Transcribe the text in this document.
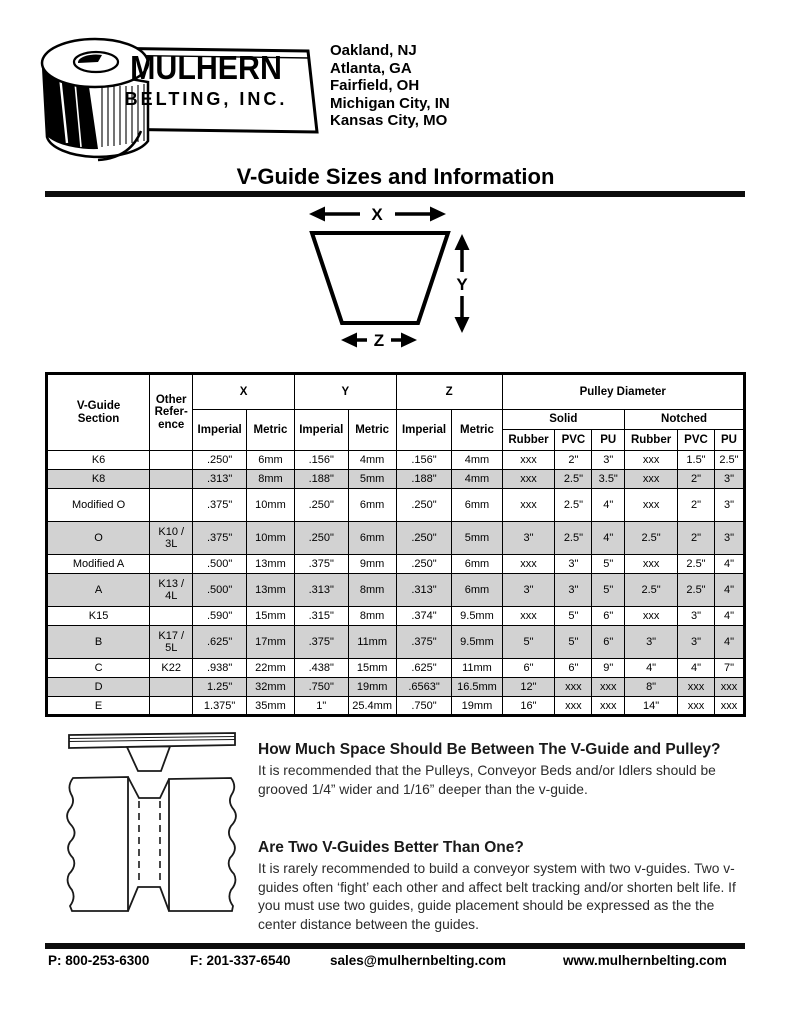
MULHERN
BELTING, INC.
Oakland, NJ
Atlanta, GA
Fairfield, OH
Michigan City, IN
Kansas City, MO
V-Guide Sizes and Information
X
Y
Z
V-Guide Section	Other Refer-ence	X		Y		Z		Pulley Diameter					
		Imperial	Metric	Imperial	Metric	Imperial	Metric	Solid			Notched		
								Rubber	PVC	PU	Rubber	PVC	PU
K6		.250"	6mm	.156"	4mm	.156"	4mm	xxx	2"	3"	xxx	1.5"	2.5"
K8		.313"	8mm	.188"	5mm	.188"	4mm	xxx	2.5"	3.5"	xxx	2"	3"
Modified O		.375"	10mm	.250"	6mm	.250"	6mm	xxx	2.5"	4"	xxx	2"	3"
O	K10 / 3L	.375"	10mm	.250"	6mm	.250"	5mm	3"	2.5"	4"	2.5"	2"	3"
Modified A		.500"	13mm	.375"	9mm	.250"	6mm	xxx	3"	5"	xxx	2.5"	4"
A	K13 / 4L	.500"	13mm	.313"	8mm	.313"	6mm	3"	3"	5"	2.5"	2.5"	4"
K15		.590"	15mm	.315"	8mm	.374"	9.5mm	xxx	5"	6"	xxx	3"	4"
B	K17 / 5L	.625"	17mm	.375"	11mm	.375"	9.5mm	5"	5"	6"	3"	3"	4"
C	K22	.938"	22mm	.438"	15mm	.625"	11mm	6"	6"	9"	4"	4"	7"
D		1.25"	32mm	.750"	19mm	.6563"	16.5mm	12"	xxx	xxx	8"	xxx	xxx
E		1.375"	35mm	1"	25.4mm	.750"	19mm	16"	xxx	xxx	14"	xxx	xxx
How Much Space Should Be Between The V-Guide and Pulley?
It is recommended that the Pulleys, Conveyor Beds and/or Idlers should be grooved 1/4” wider and 1/16” deeper than the v-guide.
Are Two V-Guides Better Than One?
It is rarely recommended to build a conveyor system with two v-guides. Two v-guides often ‘fight’ each other and affect belt tracking and/or shorten belt life. If you must use two guides, guide placement should be expressed as the the center distance between the guides.
P: 800-253-6300	F: 201-337-6540	sales@mulhernbelting.com	www.mulhernbelting.com
